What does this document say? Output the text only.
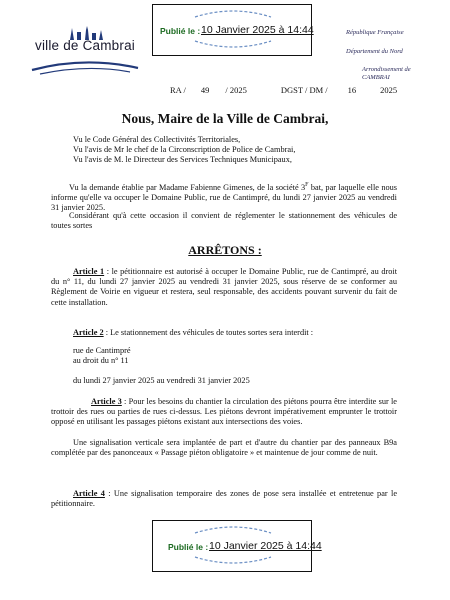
Publié le : 10 Janvier 2025 à 14:44
ville de Cambrai
République Française
Département du Nord
Arrondissement de CAMBRAI
RA / 49 / 2025	DGST / DM / 16	2025
Nous, Maire de la Ville de Cambrai,
Vu le Code Général des Collectivités Territoriales,
Vu l'avis de Mr le chef de la Circonscription de Police de Cambrai,
Vu l'avis de M. le Directeur des Services Techniques Municipaux,
Vu la demande établie par Madame Fabienne Gimenes, de la société $3^F$ bat, par laquelle elle nous informe qu'elle va occuper le Domaine Public, rue de Cantimpré, du lundi 27 janvier 2025 au vendredi 31 janvier 2025.
Considérant qu'à cette occasion il convient de réglementer le stationnement des véhicules de toutes sortes
ARRÊTONS :
Article 1 : le pétitionnaire est autorisé à occuper le Domaine Public, rue de Cantimpré, au droit du n° 11, du lundi 27 janvier 2025 au vendredi 31 janvier 2025, sous réserve de se conformer au Règlement de Voirie en vigueur et restera, seul responsable, des accidents pouvant survenir du fait de cette installation.
Article 2 : Le stationnement des véhicules de toutes sortes sera interdit :
rue de Cantimpré
au droit du n° 11
du lundi 27 janvier 2025 au vendredi 31 janvier 2025
Article 3 : Pour les besoins du chantier la circulation des piétons pourra être interdite sur le trottoir des rues ou parties de rues ci-dessus. Les piétons devront impérativement emprunter le trottoir opposé en utilisant les passages piétons existant aux intersections des voies.
Une signalisation verticale sera implantée de part et d'autre du chantier par des panneaux B9a complétée par des panonceaux « Passage piéton obligatoire » et maintenue de jour comme de nuit.
Article 4 : Une signalisation temporaire des zones de pose sera installée et entretenue par le pétitionnaire.
Publié le : 10 Janvier 2025 à 14:44
